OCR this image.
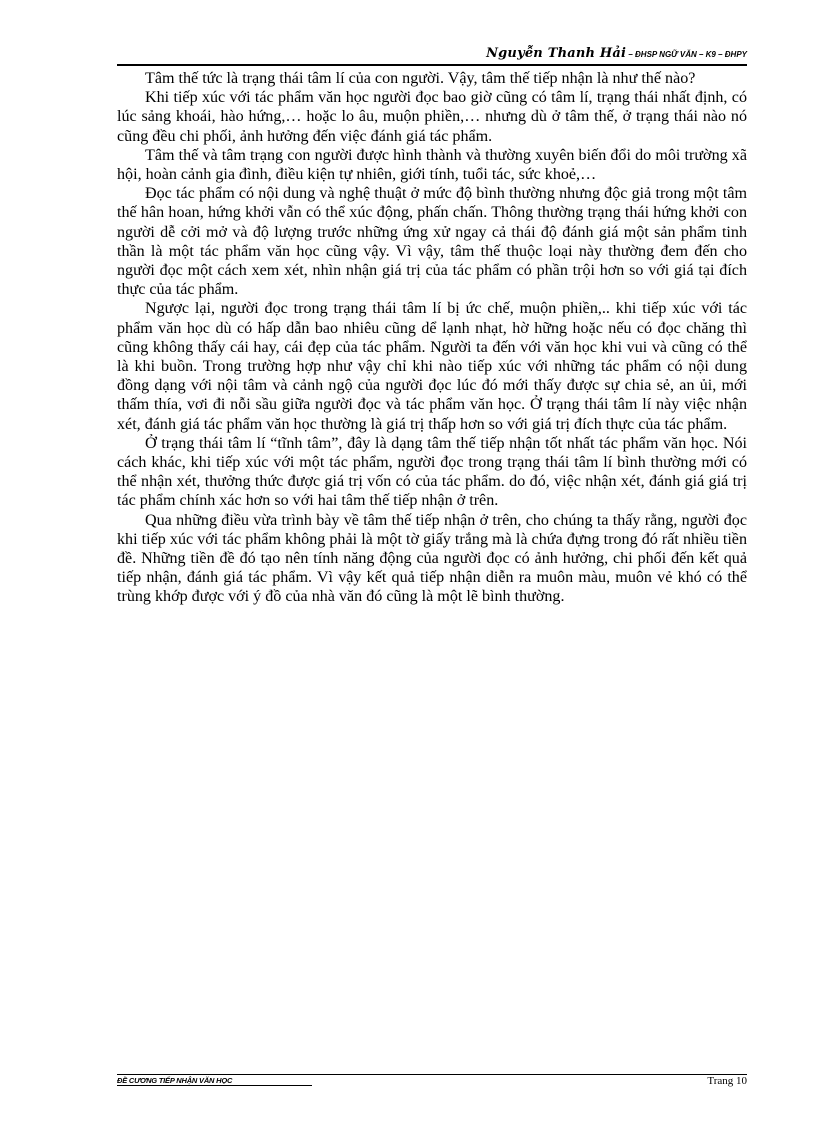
Nguyễn Thanh Hải – ĐHSP NGỮ VĂN – K9 – ĐHPY

Tâm thế tức là trạng thái tâm lí của con người. Vậy, tâm thế tiếp nhận là như thế nào?

Khi tiếp xúc với tác phẩm văn học người đọc bao giờ cũng có tâm lí, trạng thái nhất định, có lúc sảng khoái, hào hứng,… hoặc lo âu, muộn phiền,… nhưng dù ở tâm thế, ở trạng thái nào nó cũng đều chi phối, ảnh hưởng đến việc đánh giá tác phẩm.

Tâm thế và tâm trạng con người được hình thành và thường xuyên biến đổi do môi trường xã hội, hoàn cảnh gia đình, điều kiện tự nhiên, giới tính, tuổi tác, sức khoẻ,…

Đọc tác phẩm có nội dung và nghệ thuật ở mức độ bình thường nhưng độc giả trong một tâm thế hân hoan, hứng khởi vẫn có thể xúc động, phấn chấn. Thông thường trạng thái hứng khởi con người dễ cởi mở và độ lượng trước những ứng xử ngay cả thái độ đánh giá một sản phẩm tinh thần là một tác phẩm văn học cũng vậy. Vì vậy, tâm thế thuộc loại này thường đem đến cho người đọc một cách xem xét, nhìn nhận giá trị của tác phẩm có phần trội hơn so với giá tại đích thực của tác phẩm.

Ngược lại, người đọc trong trạng thái tâm lí bị ức chế, muộn phiền,.. khi tiếp xúc với tác phẩm văn học dù có hấp dẫn bao nhiêu cũng dể lạnh nhạt, hờ hững hoặc nếu có đọc chăng thì cũng không thấy cái hay, cái đẹp của tác phẩm. Người ta đến với văn học khi vui và cũng có thể là khi buồn. Trong trường hợp như vậy chỉ khi nào tiếp xúc với những tác phẩm có nội dung đồng dạng với nội tâm và cảnh ngộ của người đọc lúc đó mới thấy được sự chia sẻ, an ủi, mới thấm thía, vơi đi nỗi sầu giữa người đọc và tác phẩm văn học. Ở trạng thái tâm lí này việc nhận xét, đánh giá tác phẩm văn học thường là giá trị thấp hơn so với giá trị đích thực của tác phẩm.

Ở trạng thái tâm lí “tĩnh tâm”, đây là dạng tâm thế tiếp nhận tốt nhất tác phẩm văn học. Nói cách khác, khi tiếp xúc với một tác phẩm, người đọc trong trạng thái tâm lí bình thường mới có thể nhận xét, thưởng thức được giá trị vốn có của tác phẩm. do đó, việc nhận xét, đánh giá giá trị tác phẩm chính xác hơn so với hai tâm thế tiếp nhận ở trên.

Qua những điều vừa trình bày về tâm thế tiếp nhận ở trên, cho chúng ta thấy rằng, người đọc khi tiếp xúc với tác phẩm không phải là một tờ giấy trắng mà là chứa đựng trong đó rất nhiều tiền đề. Những tiền đề đó tạo nên tính năng động của người đọc có ảnh hưởng, chi phối đến kết quả tiếp nhận, đánh giá tác phẩm. Vì vậy kết quả tiếp nhận diễn ra muôn màu, muôn vẻ khó có thể trùng khớp được với ý đồ của nhà văn đó cũng là một lẽ bình thường.

ĐỀ CƯƠNG TIẾP NHẬN VĂN HỌC	Trang 10
